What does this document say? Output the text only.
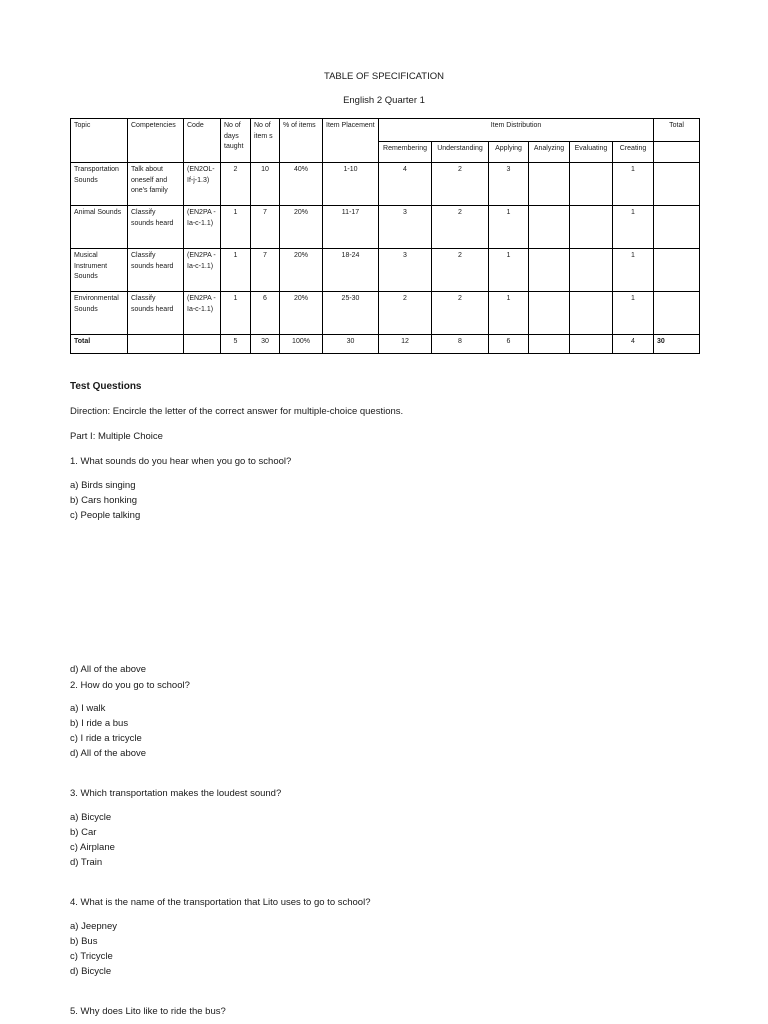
TABLE OF SPECIFICATION
English 2 Quarter 1
Topic	Competencies	Code	No of days taught	No of item s	% of items	Item Placement	Item Distribution						Total
							Remembering	Understanding	Applying	Analyzing	Evaluating	Creating	
Transportation Sounds	Talk about oneself and one's family	(EN2OL-If-j-1.3)	2	10	40%	1-10	4	2	3			1	
Animal Sounds	Classify sounds heard	(EN2PA -Ia-c-1.1)	1	7	20%	11-17	3	2	1			1	
Musical Instrument Sounds	Classify sounds heard	(EN2PA -Ia-c-1.1)	1	7	20%	18-24	3	2	1			1	
Environmental Sounds	Classify sounds heard	(EN2PA -Ia-c-1.1)	1	6	20%	25-30	2	2	1			1	
Total			5	30	100%	30	12	8	6			4	30
Test Questions
Direction: Encircle the letter of the correct answer for multiple-choice questions.
Part I: Multiple Choice
1. What sounds do you hear when you go to school?
a) Birds singing
b) Cars honking
c) People talking
d) All of the above
2. How do you go to school?
a) I walk
b) I ride a bus
c) I ride a tricycle
d) All of the above
3. Which transportation makes the loudest sound?
a) Bicycle
b) Car
c) Airplane
d) Train
4. What is the name of the transportation that Lito uses to go to school?
a) Jeepney
b) Bus
c) Tricycle
d) Bicycle
5. Why does Lito like to ride the bus?
